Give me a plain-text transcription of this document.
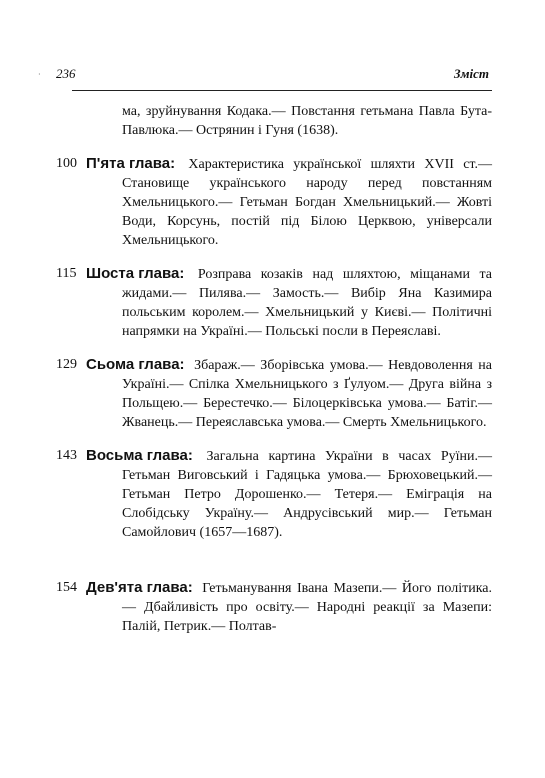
· 236	Зміст
ма, зруйнування Кодака.— Повстання гетьмана Павла Бута-Павлюка.— Острянин і Гуня (1638).
100 П'ята глава: Характеристика української шляхти XVII ст.— Становище українського народу перед повстанням Хмельницького.— Гетьман Богдан Хмельницький.— Жовті Води, Корсунь, постій під Білою Церквою, універсали Хмельницького.
115 Шоста глава: Розправа козаків над шляхтою, міщанами та жидами.— Пилява.— Замость.— Вибір Яна Казимира польським королем.— Хмельницький у Києві.— Політичні напрямки на Україні.— Польські посли в Переяславі.
129 Сьома глава: Збараж.— Зборівська умова.— Невдоволення на Україні.— Спілка Хмельницького з Ґулуом.— Друга війна з Польщею.— Берестечко.— Білоцерківська умова.— Батіг.— Жванець.— Переяславська умова.— Смерть Хмельницького.
143 Восьма глава: Загальна картина України в часах Руїни.— Гетьман Виговський і Гадяцька умова.— Брюховецький.— Гетьман Петро Дорошенко.— Тетеря.— Еміграція на Слобідську Україну.— Андрусівський мир.— Гетьман Самойлович (1657—1687).
154 Дев'ята глава: Гетьманування Івана Мазепи.— Його політика.— Дбайливість про освіту.— Народні реакції за Мазепи: Палій, Петрик.— Полтав-
